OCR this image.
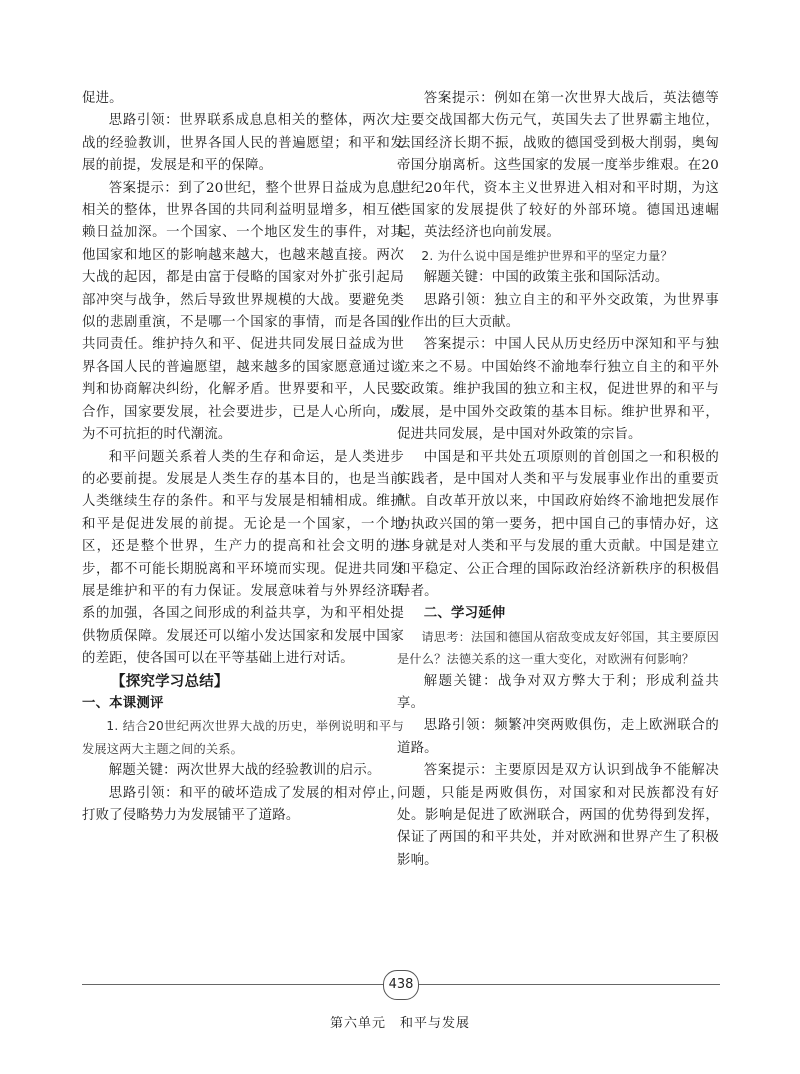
促进。

思路引领：世界联系成息息相关的整体，两次大战的经验教训，世界各国人民的普遍愿望；和平和发展的前提，发展是和平的保障。

答案提示：到了20世纪，整个世界日益成为息息相关的整体，世界各国的共同利益明显增多，相互依赖日益加深。一个国家、一个地区发生的事件，对其他国家和地区的影响越来越大，也越来越直接。两次大战的起因，都是由富于侵略的国家对外扩张引起局部冲突与战争，然后导致世界规模的大战。要避免类似的悲剧重演，不是哪一个国家的事情，而是各国的共同责任。维护持久和平、促进共同发展日益成为世界各国人民的普遍愿望，越来越多的国家愿意通过谈判和协商解决纠纷，化解矛盾。世界要和平，人民要合作，国家要发展，社会要进步，已是人心所向，成为不可抗拒的时代潮流。

和平问题关系着人类的生存和命运，是人类进步的必要前提。发展是人类生存的基本目的，也是当前人类继续生存的条件。和平与发展是相辅相成。维护和平是促进发展的前提。无论是一个国家，一个地区，还是整个世界，生产力的提高和社会文明的进步，都不可能长期脱离和平环境而实现。促进共同发展是维护和平的有力保证。发展意味着与外界经济联系的加强，各国之间形成的利益共享，为和平相处提供物质保障。发展还可以缩小发达国家和发展中国家的差距，使各国可以在平等基础上进行对话。

【探究学习总结】

一、本课测评

1. 结合20世纪两次世界大战的历史，举例说明和平与发展这两大主题之间的关系。

解题关键：两次世界大战的经验教训的启示。

思路引领：和平的破坏造成了发展的相对停止，打败了侵略势力为发展铺平了道路。

答案提示：例如在第一次世界大战后，英法德等主要交战国都大伤元气，英国失去了世界霸主地位，法国经济长期不振，战败的德国受到极大削弱，奥匈帝国分崩离析。这些国家的发展一度举步维艰。在20世纪20年代，资本主义世界进入相对和平时期，为这些国家的发展提供了较好的外部环境。德国迅速崛起，英法经济也向前发展。

2. 为什么说中国是维护世界和平的坚定力量？

解题关键：中国的政策主张和国际活动。

思路引领：独立自主的和平外交政策，为世界事业作出的巨大贡献。

答案提示：中国人民从历史经历中深知和平与独立来之不易。中国始终不渝地奉行独立自主的和平外交政策。维护我国的独立和主权，促进世界的和平与发展，是中国外交政策的基本目标。维护世界和平，促进共同发展，是中国对外政策的宗旨。

中国是和平共处五项原则的首创国之一和积极的实践者，是中国对人类和平与发展事业作出的重要贡献。自改革开放以来，中国政府始终不渝地把发展作为执政兴国的第一要务，把中国自己的事情办好，这本身就是对人类和平与发展的重大贡献。中国是建立和平稳定、公正合理的国际政治经济新秩序的积极倡导者。

二、学习延伸

请思考：法国和德国从宿敌变成友好邻国，其主要原因是什么？法德关系的这一重大变化，对欧洲有何影响？

解题关键：战争对双方弊大于利；形成利益共享。

思路引领：频繁冲突两败俱伤，走上欧洲联合的道路。

答案提示：主要原因是双方认识到战争不能解决问题，只能是两败俱伤，对国家和对民族都没有好处。影响是促进了欧洲联合，两国的优势得到发挥，保证了两国的和平共处，并对欧洲和世界产生了积极影响。

438
第六单元　和平与发展
